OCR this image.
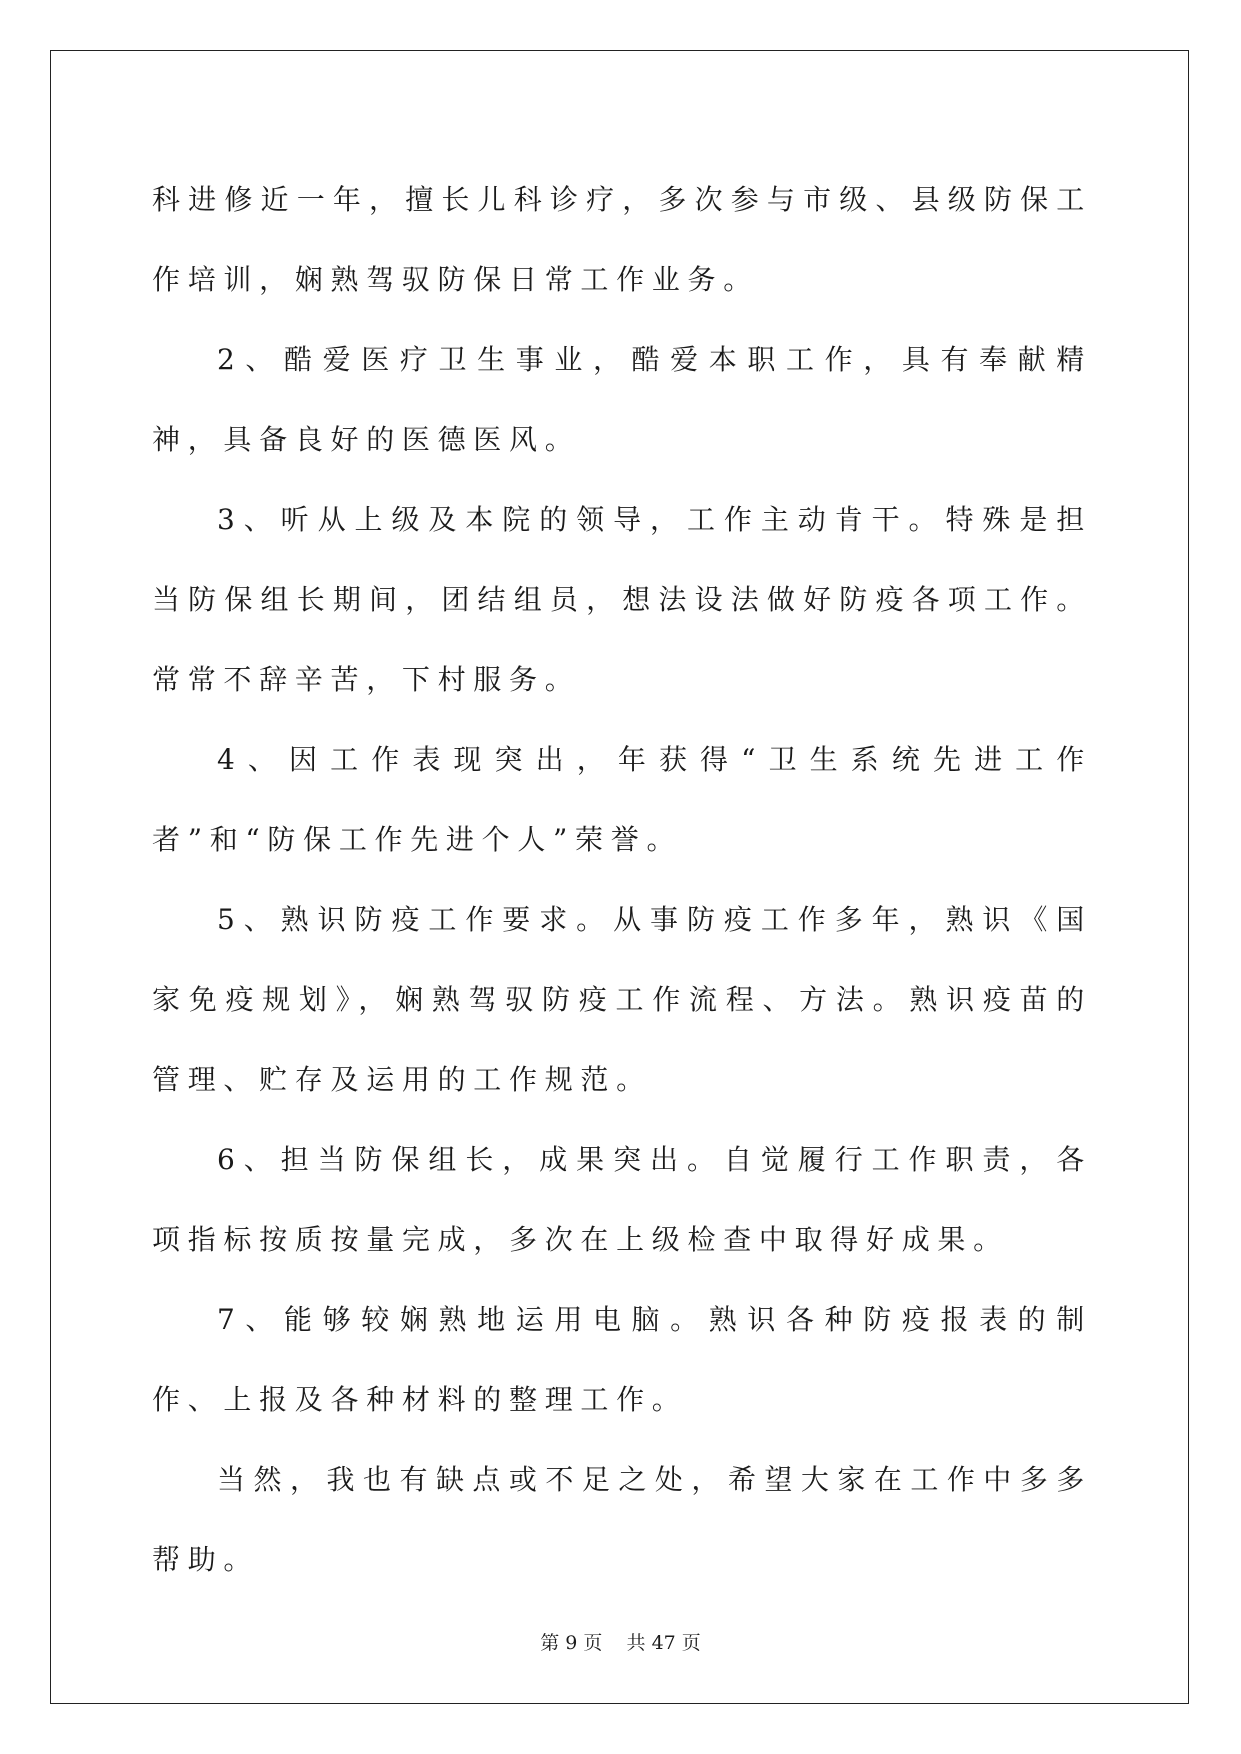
科进修近一年，擅长儿科诊疗，多次参与市级、县级防保工作培训，娴熟驾驭防保日常工作业务。

2、酷爱医疗卫生事业，酷爱本职工作，具有奉献精神，具备良好的医德医风。

3、听从上级及本院的领导，工作主动肯干。特殊是担当防保组长期间，团结组员，想法设法做好防疫各项工作。常常不辞辛苦，下村服务。

4、因工作表现突出，年获得“卫生系统先进工作者”和“防保工作先进个人”荣誉。

5、熟识防疫工作要求。从事防疫工作多年，熟识《国家免疫规划》，娴熟驾驭防疫工作流程、方法。熟识疫苗的管理、贮存及运用的工作规范。

6、担当防保组长，成果突出。自觉履行工作职责，各项指标按质按量完成，多次在上级检查中取得好成果。

7、能够较娴熟地运用电脑。熟识各种防疫报表的制作、上报及各种材料的整理工作。

当然，我也有缺点或不足之处，希望大家在工作中多多帮助。

第 9 页    共 47 页
